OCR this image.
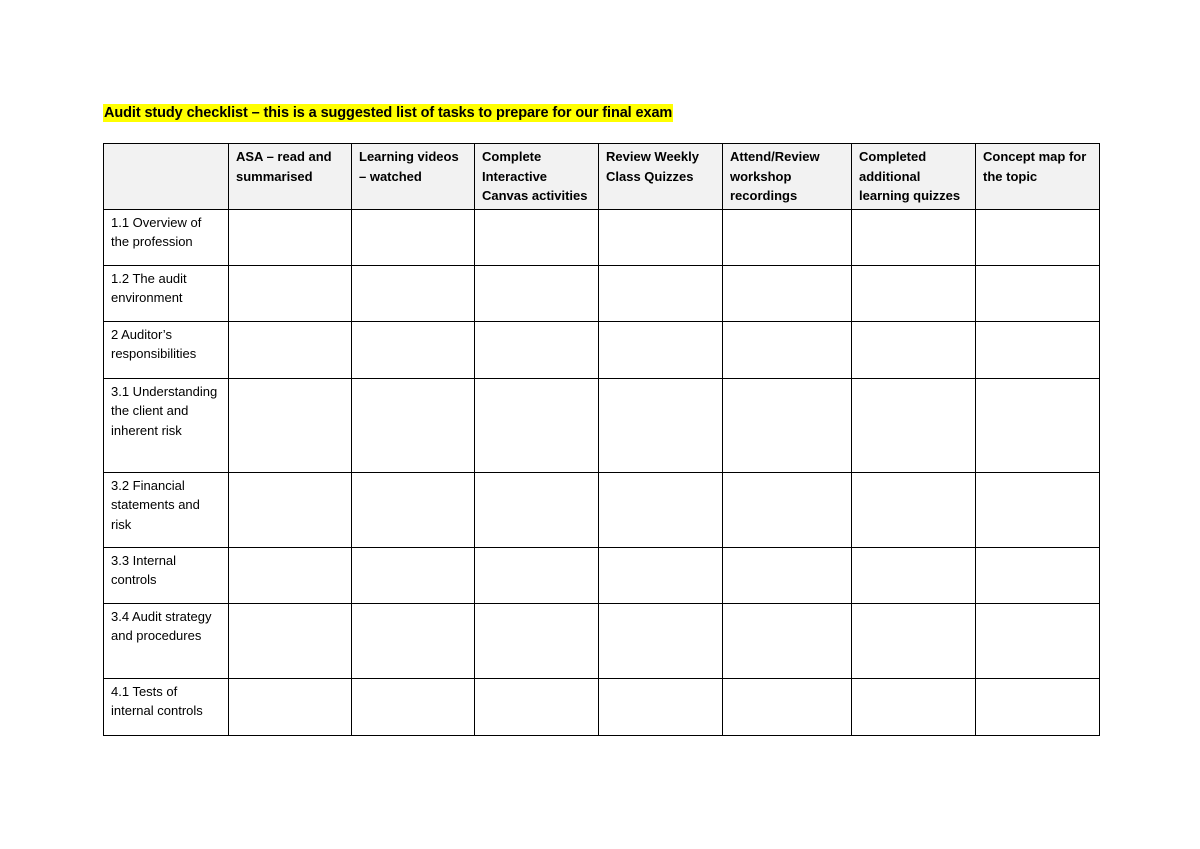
Audit study checklist – this is a suggested list of tasks to prepare for our final exam
	ASA – read and summarised	Learning videos – watched	Complete Interactive Canvas activities	Review Weekly Class Quizzes	Attend/Review workshop recordings	Completed additional learning quizzes	Concept map for the topic
1.1 Overview of the profession							
1.2 The audit environment							
2 Auditor’s responsibilities							
3.1 Understanding the client and inherent risk							
3.2 Financial statements and risk							
3.3 Internal controls							
3.4 Audit strategy and procedures							
4.1 Tests of internal controls							
